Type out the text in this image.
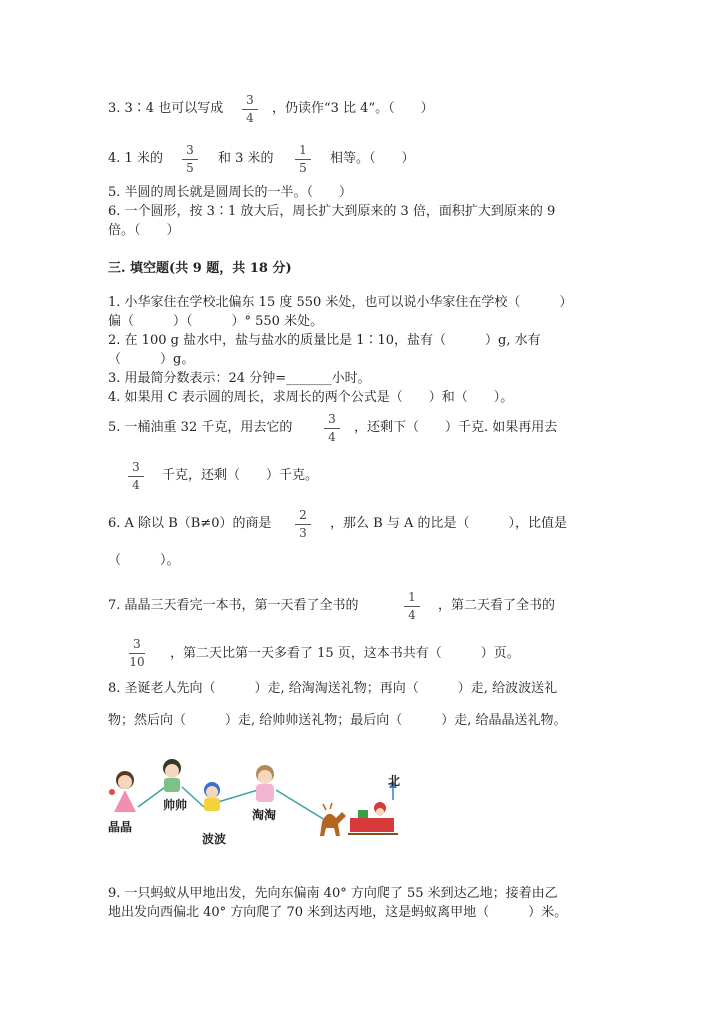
3. 3∶4 也可以写成
3
4
，仍读作“3 比 4”。（　　）
4. 1 米的
3
5
和 3 米的
1
5
相等。（　　）
5. 半圆的周长就是圆周长的一半。（　　）
6. 一个圆形，按 3∶1 放大后，周长扩大到原来的 3 倍，面积扩大到原来的 9
倍。（　　）
三. 填空题(共 9 题，共 18 分)
1. 小华家住在学校北偏东 15 度 550 米处，也可以说小华家住在学校（　　　）
偏（　　　）（　　　）° 550 米处。
2. 在 100 g 盐水中，盐与盐水的质量比是 1∶10，盐有（　　　）g, 水有
（　　　）g。
3. 用最简分数表示：24 分钟=_______小时。
4. 如果用 C 表示圆的周长，求周长的两个公式是（　　）和（　　）。
5. 一桶油重 32 千克，用去它的
3
4
，还剩下（　　）千克. 如果再用去
3
4
千克，还剩（　　）千克。
6. A 除以 B（B≠0）的商是
2
3
，那么 B 与 A 的比是（　　　），比值是
（　　　）。
7. 晶晶三天看完一本书，第一天看了全书的
1
4
，第二天看了全书的
3
10
，第二天比第一天多看了 15 页，这本书共有（　　　）页。
8. 圣诞老人先向（　　　）走, 给淘淘送礼物；再向（　　　）走, 给波波送礼
物；然后向（　　　）走, 给帅帅送礼物；最后向（　　　）走, 给晶晶送礼物。
晶晶
帅帅
波波
淘淘
北
9. 一只蚂蚁从甲地出发，先向东偏南 40° 方向爬了 55 米到达乙地；接着由乙
地出发向西偏北 40° 方向爬了 70 米到达丙地，这是蚂蚁离甲地（　　　）米。
